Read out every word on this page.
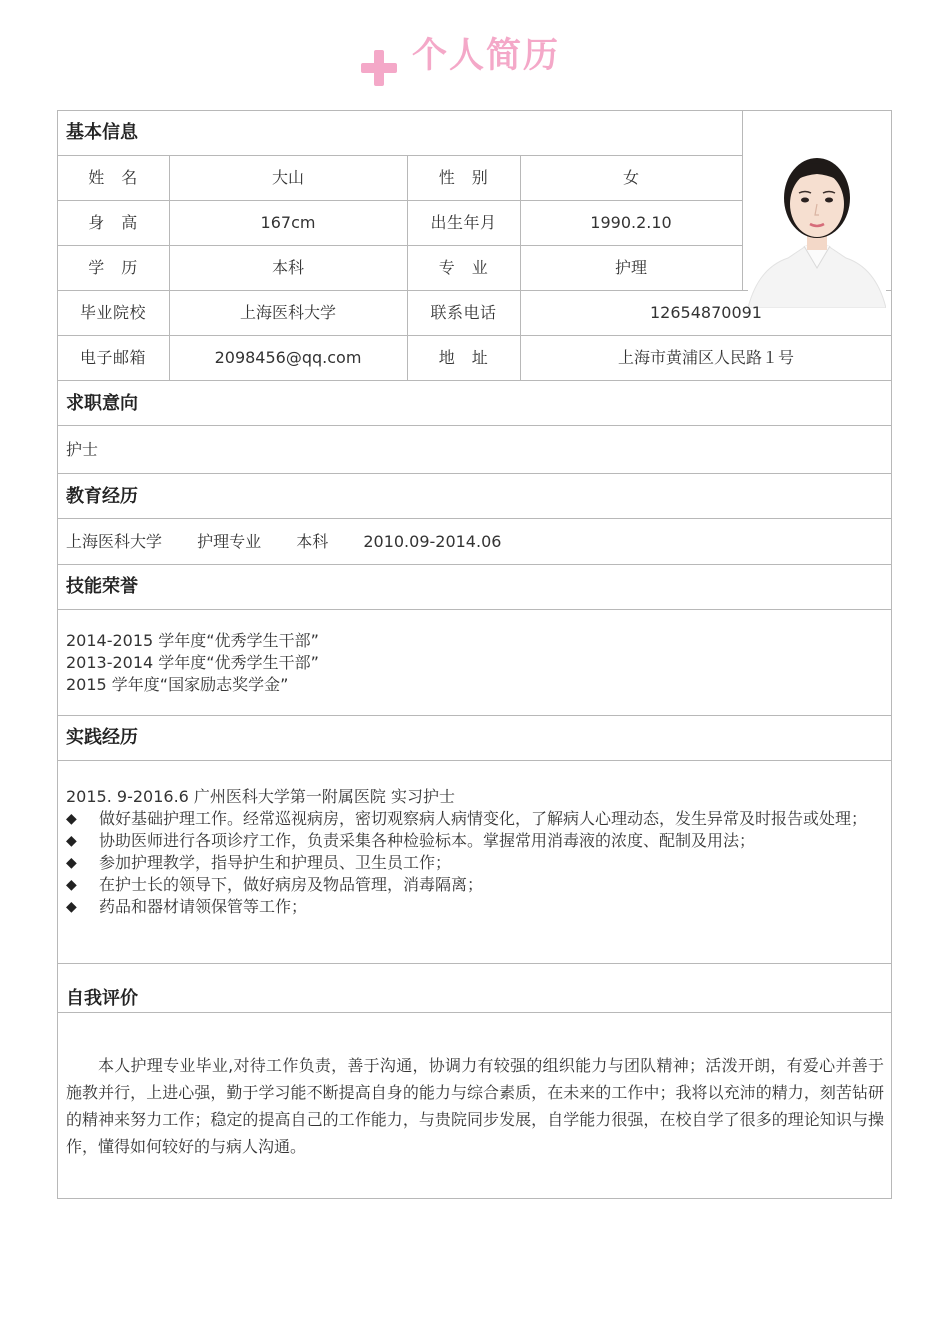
个人简历
基本信息
姓　名	大山	性　别	女
身　高	167cm	出生年月	1990.2.10
学　历	本科	专　业	护理
毕业院校	上海医科大学	联系电话	12654870091
电子邮箱	2098456@qq.com	地　址	上海市黄浦区人民路１号
求职意向
护士
教育经历
上海医科大学 护理专业 本科 2010.09-2014.06
技能荣誉
2014-2015 学年度“优秀学生干部”
2013-2014 学年度“优秀学生干部”
2015 学年度“国家励志奖学金”
实践经历
2015. 9-2016.6 广州医科大学第一附属医院 实习护士
◆ 做好基础护理工作。经常巡视病房，密切观察病人病情变化，了解病人心理动态，发生异常及时报告或处理；
◆ 协助医师进行各项诊疗工作，负责采集各种检验标本。掌握常用消毒液的浓度、配制及用法；
◆ 参加护理教学，指导护生和护理员、卫生员工作；
◆ 在护士长的领导下，做好病房及物品管理，消毒隔离；
◆ 药品和器材请领保管等工作；
自我评价
本人护理专业毕业,对待工作负责，善于沟通，协调力有较强的组织能力与团队精神；活泼开朗，有爱心并善于施教并行，上进心强，勤于学习能不断提高自身的能力与综合素质，在未来的工作中；我将以充沛的精力，刻苦钻研的精神来努力工作；稳定的提高自己的工作能力，与贵院同步发展，自学能力很强，在校自学了很多的理论知识与操作，懂得如何较好的与病人沟通。
